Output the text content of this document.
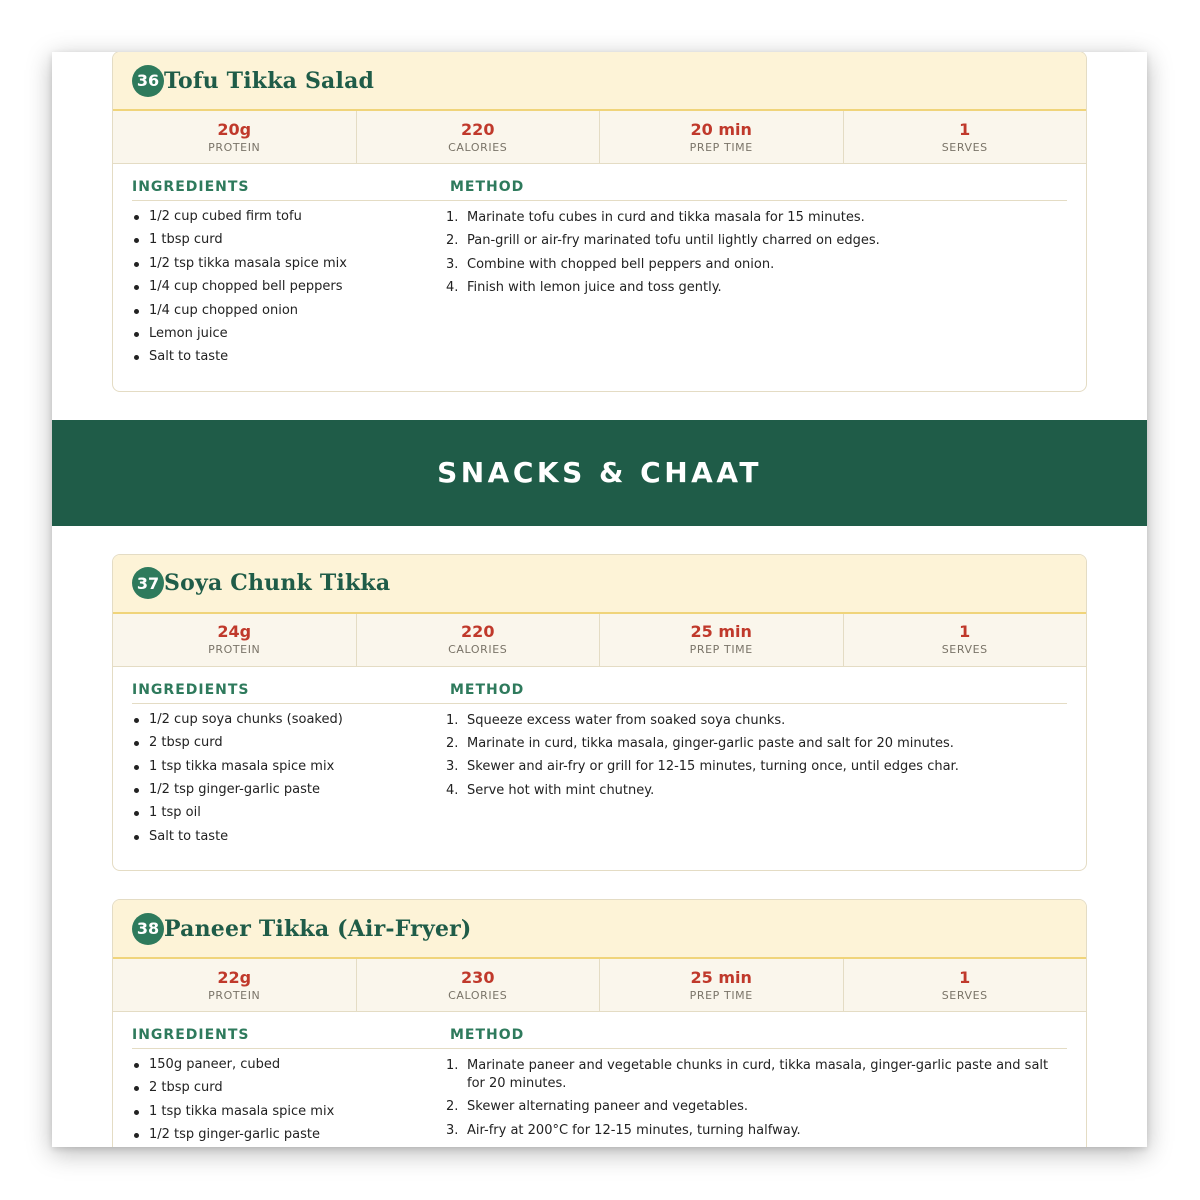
36 Tofu Tikka Salad
20g
PROTEIN
220
CALORIES
20 min
PREP TIME
1
SERVES
INGREDIENTS
1/2 cup cubed firm tofu
1 tbsp curd
1/2 tsp tikka masala spice mix
1/4 cup chopped bell peppers
1/4 cup chopped onion
Lemon juice
Salt to taste
METHOD
1. Marinate tofu cubes in curd and tikka masala for 15 minutes.
2. Pan-grill or air-fry marinated tofu until lightly charred on edges.
3. Combine with chopped bell peppers and onion.
4. Finish with lemon juice and toss gently.
SNACKS & CHAAT
37 Soya Chunk Tikka
24g
PROTEIN
220
CALORIES
25 min
PREP TIME
1
SERVES
INGREDIENTS
1/2 cup soya chunks (soaked)
2 tbsp curd
1 tsp tikka masala spice mix
1/2 tsp ginger-garlic paste
1 tsp oil
Salt to taste
METHOD
1. Squeeze excess water from soaked soya chunks.
2. Marinate in curd, tikka masala, ginger-garlic paste and salt for 20 minutes.
3. Skewer and air-fry or grill for 12-15 minutes, turning once, until edges char.
4. Serve hot with mint chutney.
38 Paneer Tikka (Air-Fryer)
22g
PROTEIN
230
CALORIES
25 min
PREP TIME
1
SERVES
INGREDIENTS
150g paneer, cubed
2 tbsp curd
1 tsp tikka masala spice mix
1/2 tsp ginger-garlic paste
METHOD
1. Marinate paneer and vegetable chunks in curd, tikka masala, ginger-garlic paste and salt for 20 minutes.
2. Skewer alternating paneer and vegetables.
3. Air-fry at 200°C for 12-15 minutes, turning halfway.
